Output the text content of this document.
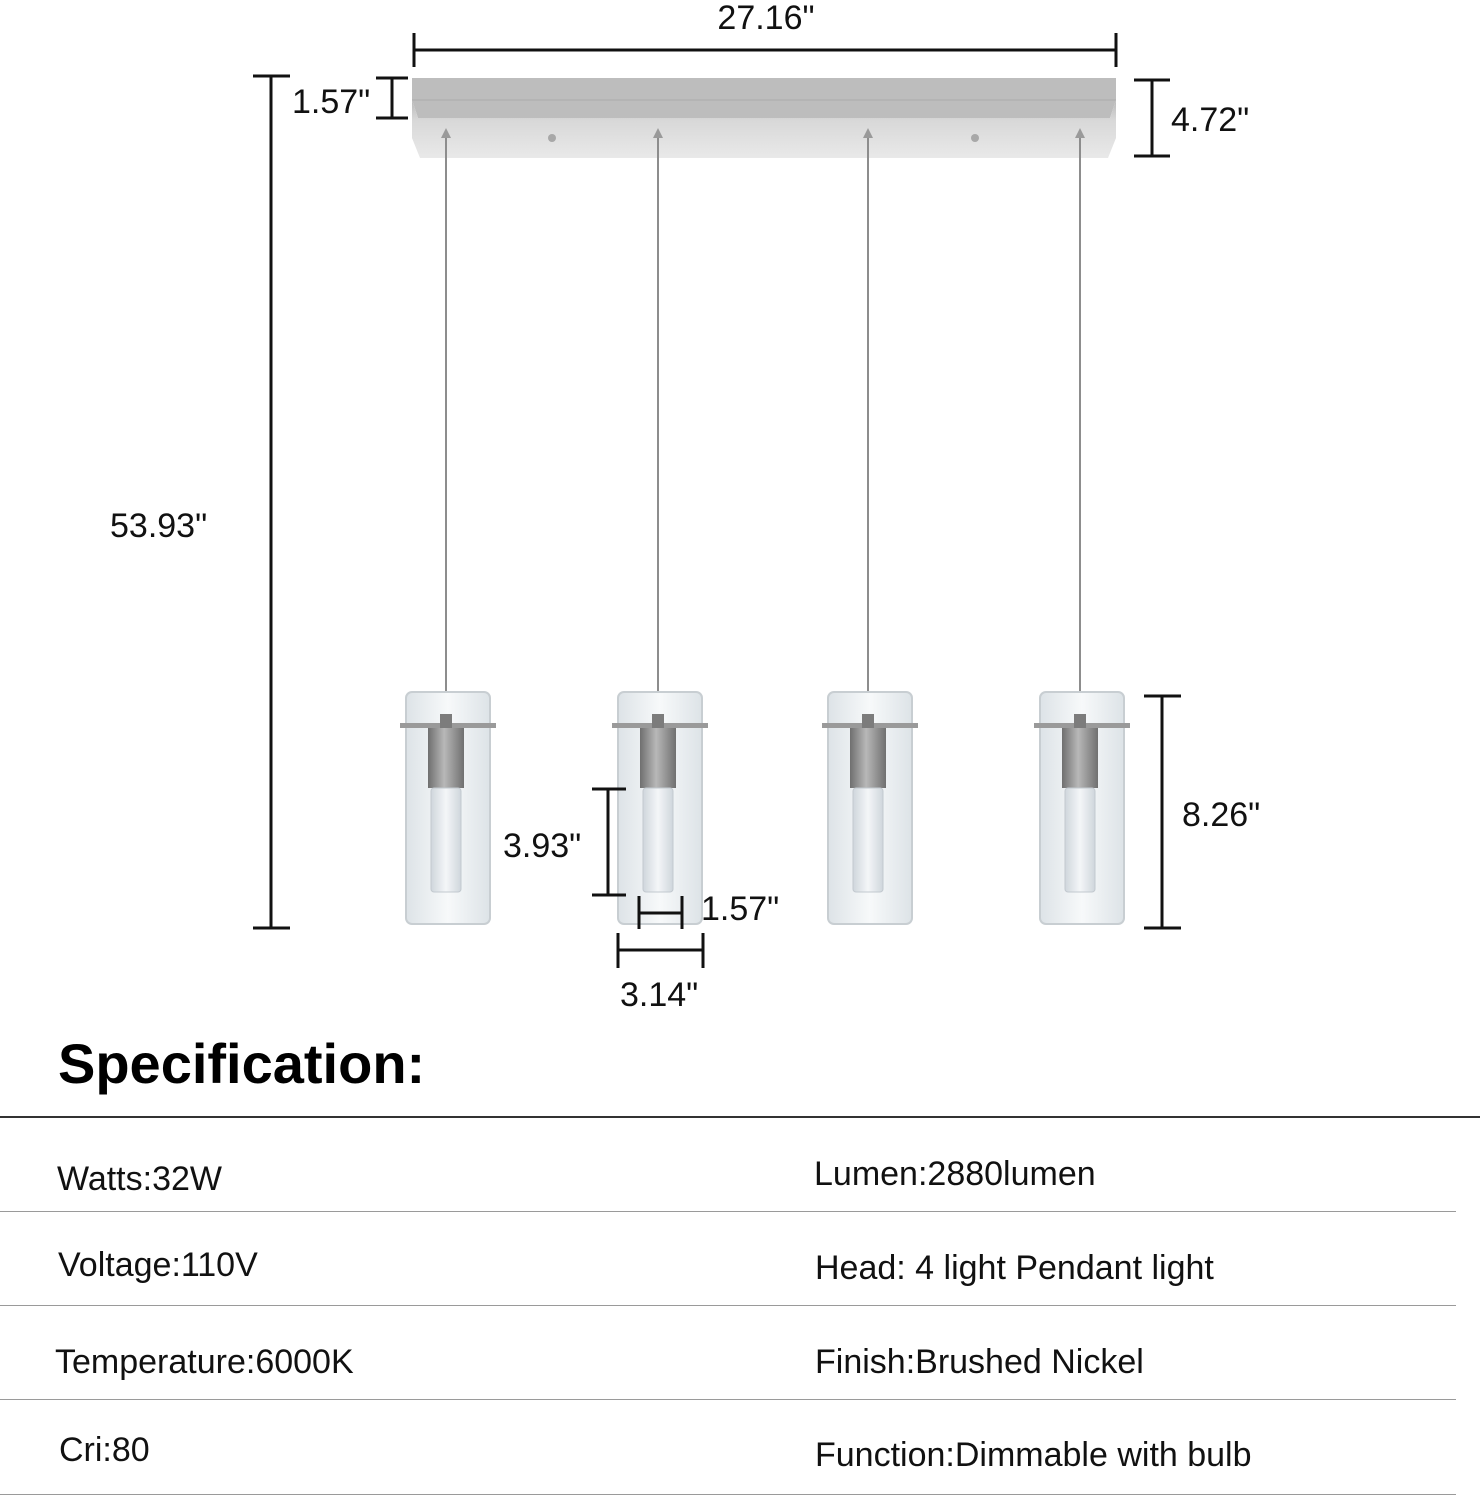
27.16"
1.57"	4.72"
53.93"
8.26"
3.93"
1.57"
3.14"
Specification:
Watts:32W	Lumen:2880lumen
Voltage:110V	Head: 4 light Pendant light
Temperature:6000K	Finish:Brushed Nickel
Cri:80	Function:Dimmable with bulb
